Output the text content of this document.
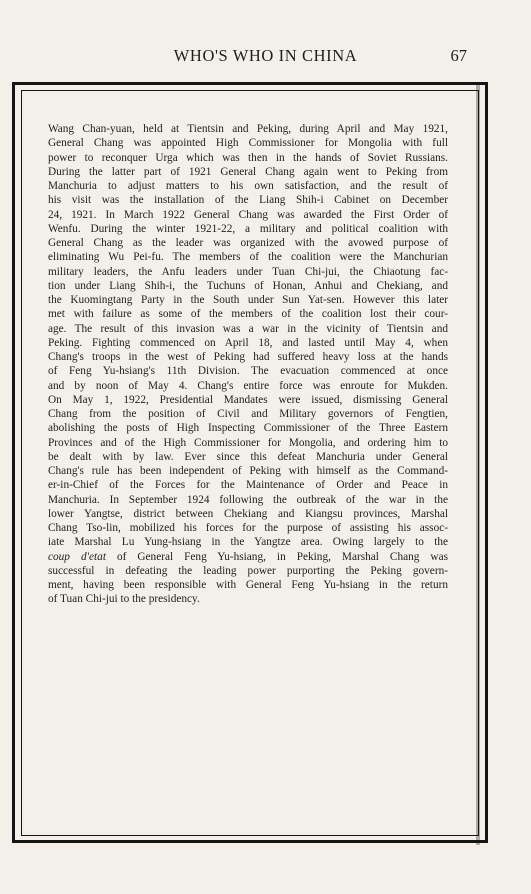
WHO'S WHO IN CHINA	67
Wang Chan-yuan, held at Tientsin and Peking, during April and May 1921,
General Chang was appointed High Commissioner for Mongolia with full
power to reconquer Urga which was then in the hands of Soviet Russians.
During the latter part of 1921 General Chang again went to Peking from
Manchuria to adjust matters to his own satisfaction, and the result of
his visit was the installation of the Liang Shih-i Cabinet on December
24, 1921. In March 1922 General Chang was awarded the First Order of
Wenfu. During the winter 1921-22, a military and political coalition with
General Chang as the leader was organized with the avowed purpose of
eliminating Wu Pei-fu. The members of the coalition were the Manchurian
military leaders, the Anfu leaders under Tuan Chi-jui, the Chiaotung fac-
tion under Liang Shih-i, the Tuchuns of Honan, Anhui and Chekiang, and
the Kuomingtang Party in the South under Sun Yat-sen. However this later
met with failure as some of the members of the coalition lost their cour-
age. The result of this invasion was a war in the vicinity of Tientsin and
Peking. Fighting commenced on April 18, and lasted until May 4, when
Chang's troops in the west of Peking had suffered heavy loss at the hands
of Feng Yu-hsiang's 11th Division. The evacuation commenced at once
and by noon of May 4. Chang's entire force was enroute for Mukden.
On May 1, 1922, Presidential Mandates were issued, dismissing General
Chang from the position of Civil and Military governors of Fengtien,
abolishing the posts of High Inspecting Commissioner of the Three Eastern
Provinces and of the High Commissioner for Mongolia, and ordering him to
be dealt with by law. Ever since this defeat Manchuria under General
Chang's rule has been independent of Peking with himself as the Command-
er-in-Chief of the Forces for the Maintenance of Order and Peace in
Manchuria. In September 1924 following the outbreak of the war in the
lower Yangtse, district between Chekiang and Kiangsu provinces, Marshal
Chang Tso-lin, mobilized his forces for the purpose of assisting his assoc-
iate Marshal Lu Yung-hsiang in the Yangtze area. Owing largely to the
coup d'etat of General Feng Yu-hsiang, in Peking, Marshal Chang was
successful in defeating the leading power purporting the Peking govern-
ment, having been responsible with General Feng Yu-hsiang in the return
of Tuan Chi-jui to the presidency.
